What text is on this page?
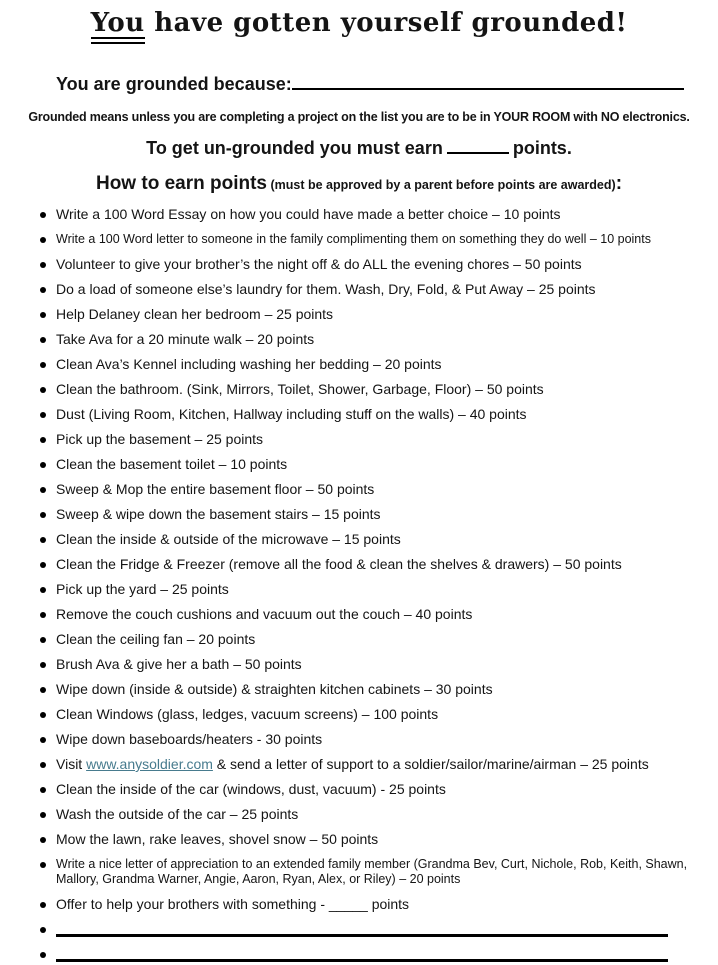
You have gotten yourself grounded!
You are grounded because:
Grounded means unless you are completing a project on the list you are to be in YOUR ROOM with NO electronics.
To get un-grounded you must earn	points.
How to earn points (must be approved by a parent before points are awarded):
Write a 100 Word Essay on how you could have made a better choice – 10 points
Write a 100 Word letter to someone in the family complimenting them on something they do well – 10 points
Volunteer to give your brother’s the night off & do ALL the evening chores – 50 points
Do a load of someone else’s laundry for them. Wash, Dry, Fold, & Put Away – 25 points
Help Delaney clean her bedroom – 25 points
Take Ava for a 20 minute walk – 20 points
Clean Ava’s Kennel including washing her bedding – 20 points
Clean the bathroom. (Sink, Mirrors, Toilet, Shower, Garbage, Floor) – 50 points
Dust (Living Room, Kitchen, Hallway including stuff on the walls) – 40 points
Pick up the basement – 25 points
Clean the basement toilet – 10 points
Sweep & Mop the entire basement floor – 50 points
Sweep & wipe down the basement stairs – 15 points
Clean the inside & outside of the microwave – 15 points
Clean the Fridge & Freezer (remove all the food & clean the shelves & drawers) – 50 points
Pick up the yard – 25 points
Remove the couch cushions and vacuum out the couch – 40 points
Clean the ceiling fan – 20 points
Brush Ava & give her a bath – 50 points
Wipe down (inside & outside) & straighten kitchen cabinets – 30 points
Clean Windows (glass, ledges, vacuum screens) – 100 points
Wipe down baseboards/heaters - 30 points
Visit www.anysoldier.com & send a letter of support to a soldier/sailor/marine/airman – 25 points
Clean the inside of the car (windows, dust, vacuum) - 25 points
Wash the outside of the car – 25 points
Mow the lawn, rake leaves, shovel snow – 50 points
Write a nice letter of appreciation to an extended family member (Grandma Bev, Curt, Nichole, Rob, Keith, Shawn, Mallory, Grandma Warner, Angie, Aaron, Ryan, Alex, or Riley) – 20 points
Offer to help your brothers with something - _____ points
